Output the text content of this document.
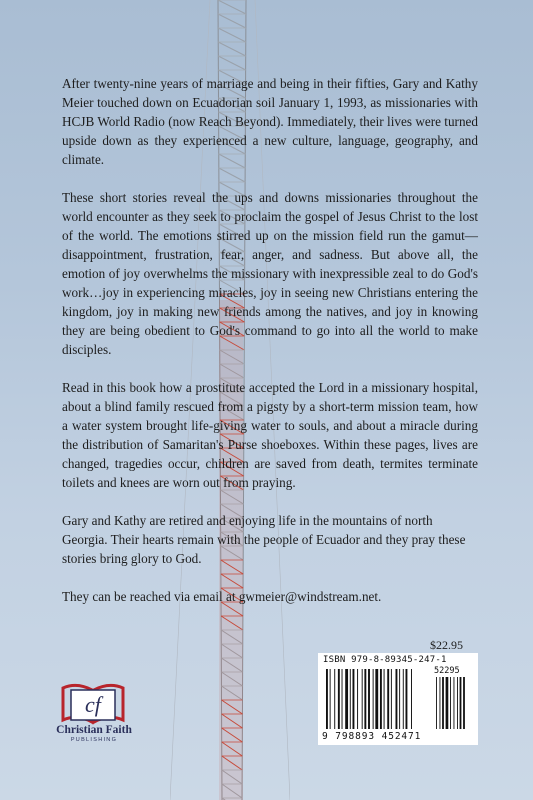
After twenty-nine years of marriage and being in their fifties, Gary and Kathy Meier touched down on Ecuadorian soil January 1, 1993, as missionaries with HCJB World Radio (now Reach Beyond). Immediately, their lives were turned upside down as they experienced a new culture, language, geography, and climate.

These short stories reveal the ups and downs missionaries throughout the world encounter as they seek to proclaim the gospel of Jesus Christ to the lost of the world. The emotions stirred up on the mission field run the gamut—disappointment, frustration, fear, anger, and sadness. But above all, the emotion of joy overwhelms the missionary with inexpressible zeal to do God's work…joy in experiencing miracles, joy in seeing new Christians entering the kingdom, joy in making new friends among the natives, and joy in knowing they are being obedient to God's command to go into all the world to make disciples.

Read in this book how a prostitute accepted the Lord in a missionary hospital, about a blind family rescued from a pigsty by a short-term mission team, how a water system brought life-giving water to souls, and about a miracle during the distribution of Samaritan's Purse shoeboxes. Within these pages, lives are changed, tragedies occur, children are saved from death, termites terminate toilets and knees are worn out from praying.

Gary and Kathy are retired and enjoying life in the mountains of north Georgia. Their hearts remain with the people of Ecuador and they pray these stories bring glory to God.

They can be reached via email at gwmeier@windstream.net.

$22.95
ISBN 979-8-89345-247-1
52295
9 798893 452471
cf
Christian Faith
PUBLISHING
